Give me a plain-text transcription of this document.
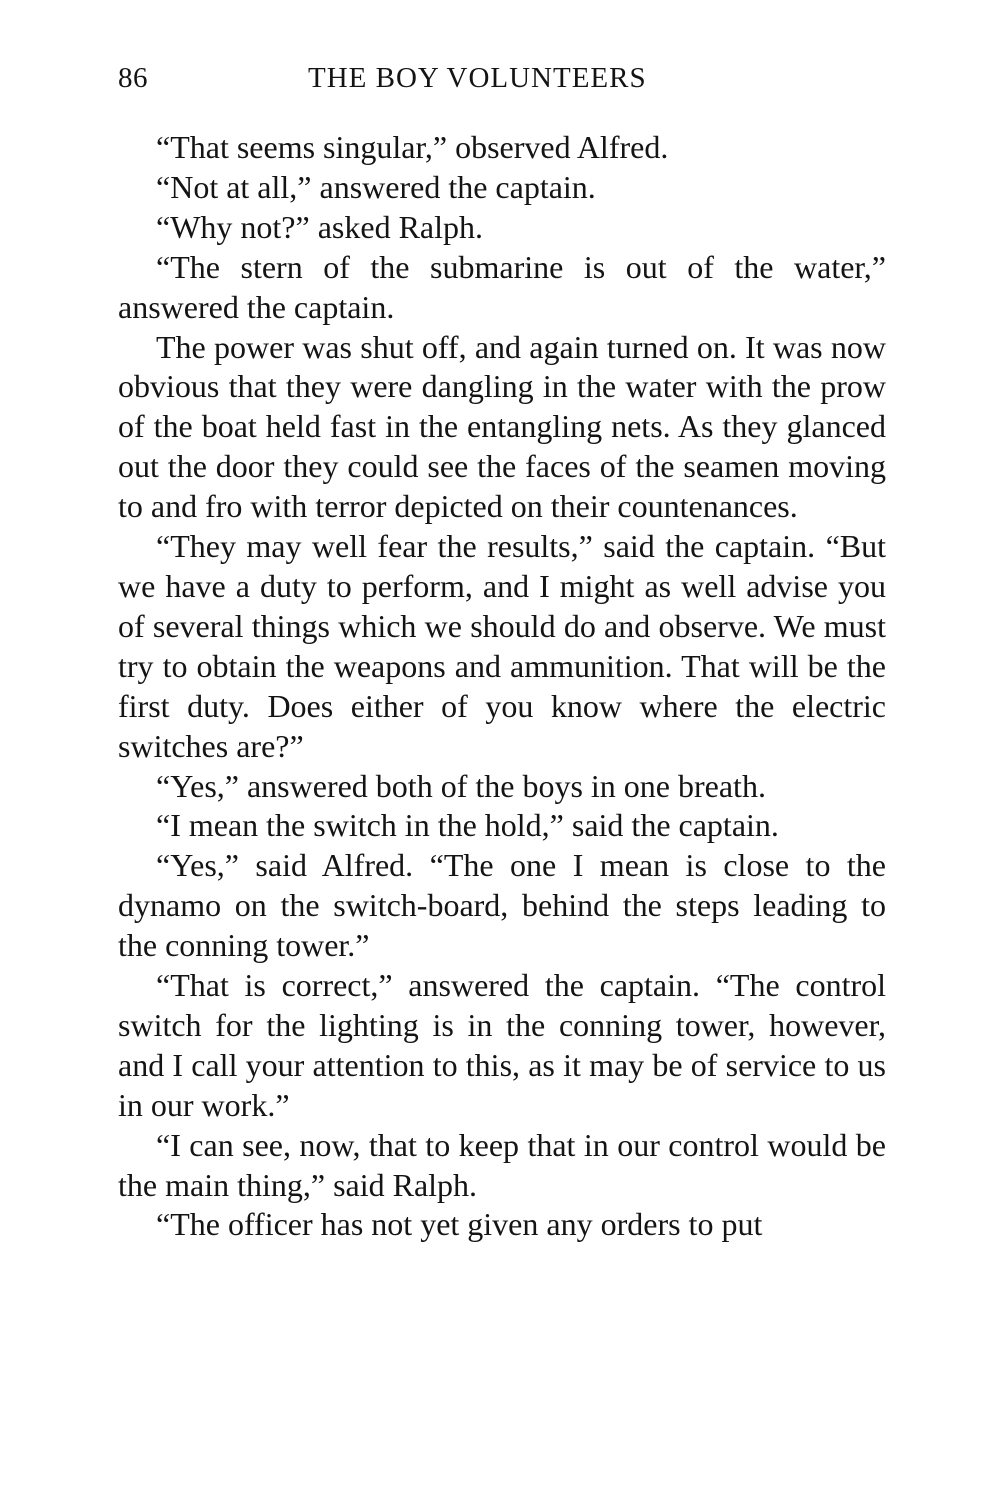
86	THE BOY VOLUNTEERS

“That seems singular,” observed Alfred.

“Not at all,” answered the captain.

“Why not?” asked Ralph.

“The stern of the submarine is out of the water,” answered the captain.

The power was shut off, and again turned on. It was now obvious that they were dangling in the water with the prow of the boat held fast in the entangling nets. As they glanced out the door they could see the faces of the seamen moving to and fro with terror depicted on their countenances.

“They may well fear the results,” said the captain. “But we have a duty to perform, and I might as well advise you of several things which we should do and observe. We must try to obtain the weapons and ammunition. That will be the first duty. Does either of you know where the electric switches are?”

“Yes,” answered both of the boys in one breath.

“I mean the switch in the hold,” said the captain.

“Yes,” said Alfred. “The one I mean is close to the dynamo on the switch-board, behind the steps leading to the conning tower.”

“That is correct,” answered the captain. “The control switch for the lighting is in the conning tower, however, and I call your attention to this, as it may be of service to us in our work.”

“I can see, now, that to keep that in our control would be the main thing,” said Ralph.

“The officer has not yet given any orders to put
